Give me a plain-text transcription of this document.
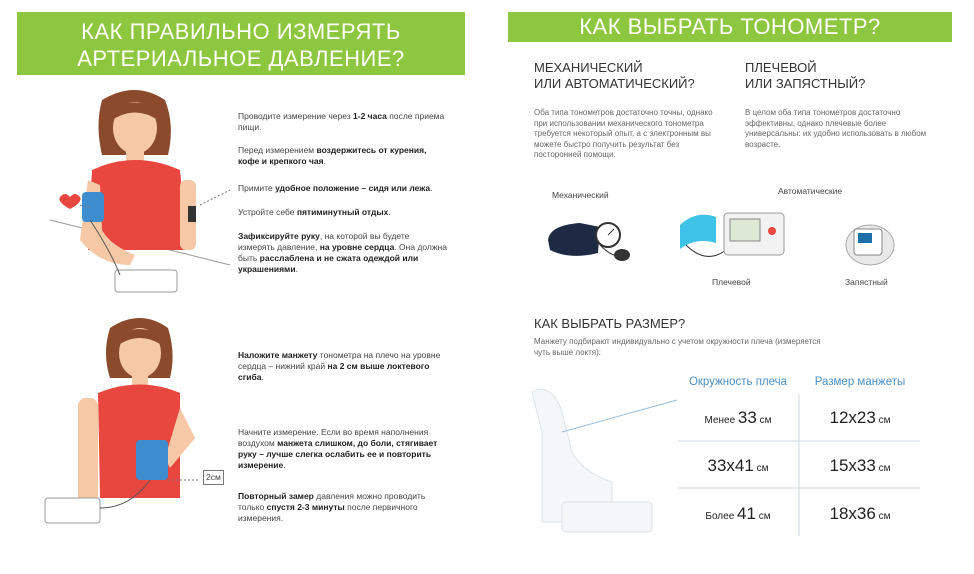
КАК ПРАВИЛЬНО ИЗМЕРЯТЬ
АРТЕРИАЛЬНОЕ ДАВЛЕНИЕ?
Проводите измерение через 1-2 часа после приема пищи.
Перед измерением воздержитесь от курения, кофе и крепкого чая.
Примите удобное положение – сидя или лежа.
Устройте себе пятиминутный отдых.
Зафиксируйте руку, на которой вы будете измерять давление, на уровне сердца. Она должна быть расслаблена и не сжата одеждой или украшениями.
2см
Наложите манжету тонометра на плечо на уровне сердца – нижний край на 2 см выше локтевого сгиба.
Начните измерение. Если во время наполнения воздухом манжета слишком, до боли, стягивает руку – лучше слегка ослабить ее и повторить измерение.
Повторный замер давления можно проводить только спустя 2-3 минуты после первичного измерения.
КАК ВЫБРАТЬ ТОНОМЕТР?
МЕХАНИЧЕСКИЙ
ИЛИ АВТОМАТИЧЕСКИЙ?
Оба типа тонометров достаточно точны, однако при использовании механического тонометра требуется некоторый опыт, а с электронным вы можете быстро получить результат без посторонней помощи.
ПЛЕЧЕВОЙ
ИЛИ ЗАПЯСТНЫЙ?
В целом оба типа тонометров достаточно эффективны, однако плечевые более универсальны: их удобно использовать в любом возрасте.
Механический	Автоматические
Плечевой	Запястный
КАК ВЫБРАТЬ РАЗМЕР?
Манжету подбирают индивидуально с учетом окружности плеча (измеряется чуть выше локтя):
Окружность плеча	Размер манжеты
Менее 33 см	12х23 см
33х41 см	15х33 см
Более 41 см	18х36 см
